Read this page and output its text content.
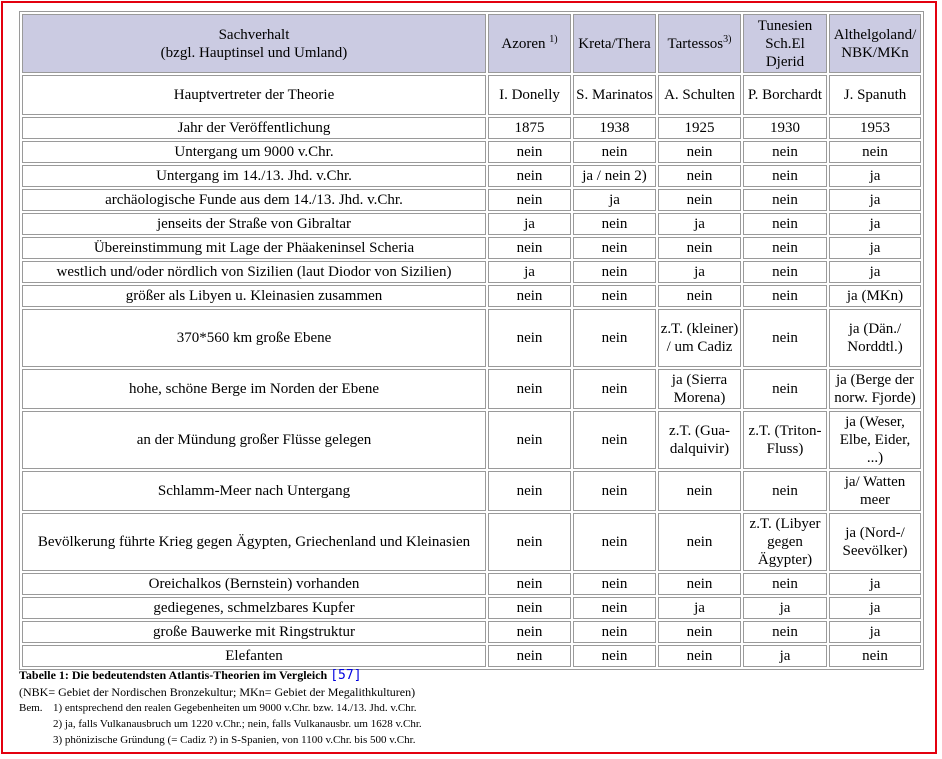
Sachverhalt
(bzgl. Hauptinsel und Umland)	Azoren $^{1)}$	Kreta/Thera	Tartessos$^{3)}$	Tunesien Sch.El Djerid	Althelgoland/ NBK/MKn
Hauptvertreter der Theorie	I. Donelly	S. Marinatos	A. Schulten	P. Borchardt	J. Spanuth
Jahr der Veröffentlichung	1875	1938	1925	1930	1953
Untergang um 9000 v.Chr.	nein	nein	nein	nein	nein
Untergang im 14./13. Jhd. v.Chr.	nein	ja / nein 2)	nein	nein	ja
archäologische Funde aus dem 14./13. Jhd. v.Chr.	nein	ja	nein	nein	ja
jenseits der Straße von Gibraltar	ja	nein	ja	nein	ja
Übereinstimmung mit Lage der Phäakeninsel Scheria	nein	nein	nein	nein	ja
westlich und/oder nördlich von Sizilien (laut Diodor von Sizilien)	ja	nein	ja	nein	ja
größer als Libyen u. Kleinasien zusammen	nein	nein	nein	nein	ja (MKn)
370*560 km große Ebene	nein	nein	z.T. (kleiner) / um Cadiz	nein	ja (Dän./ Norddtl.)
hohe, schöne Berge im Norden der Ebene	nein	nein	ja (Sierra Morena)	nein	ja (Berge der norw. Fjorde)
an der Mündung großer Flüsse gelegen	nein	nein	z.T. (Gua-dalquivir)	z.T. (Triton-Fluss)	ja (Weser, Elbe, Eider, ...)
Schlamm-Meer nach Untergang	nein	nein	nein	nein	ja/ Watten meer
Bevölkerung führte Krieg gegen Ägypten, Griechenland und Kleinasien	nein	nein	nein	z.T. (Libyer gegen Ägypter)	ja (Nord-/ Seevölker)
Oreichalkos (Bernstein) vorhanden	nein	nein	nein	nein	ja
gediegenes, schmelzbares Kupfer	nein	nein	ja	ja	ja
große Bauwerke mit Ringstruktur	nein	nein	nein	nein	ja
Elefanten	nein	nein	nein	ja	nein
Tabelle 1: Die bedeutendsten Atlantis-Theorien im Vergleich [57]
(NBK= Gebiet der Nordischen Bronzekultur; MKn= Gebiet der Megalithkulturen)
Bem. 1) entsprechend den realen Gegebenheiten um 9000 v.Chr. bzw. 14./13. Jhd. v.Chr.
2) ja, falls Vulkanausbruch um 1220 v.Chr.; nein, falls Vulkanausbr. um 1628 v.Chr.
3) phönizische Gründung (= Cadiz ?) in S-Spanien, von 1100 v.Chr. bis 500 v.Chr.
